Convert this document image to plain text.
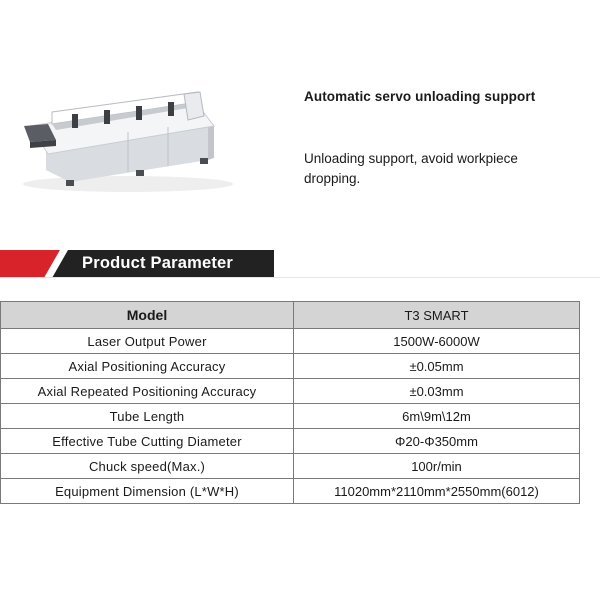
Automatic servo unloading support
Unloading support, avoid workpiece dropping.
Product Parameter
Model	T3 SMART
Laser Output Power	1500W-6000W
Axial Positioning Accuracy	±0.05mm
Axial Repeated Positioning Accuracy	±0.03mm
Tube Length	6m\9m\12m
Effective Tube Cutting Diameter	Φ20-Φ350mm
Chuck speed(Max.)	100r/min
Equipment Dimension (L*W*H)	11020mm*2110mm*2550mm(6012)
